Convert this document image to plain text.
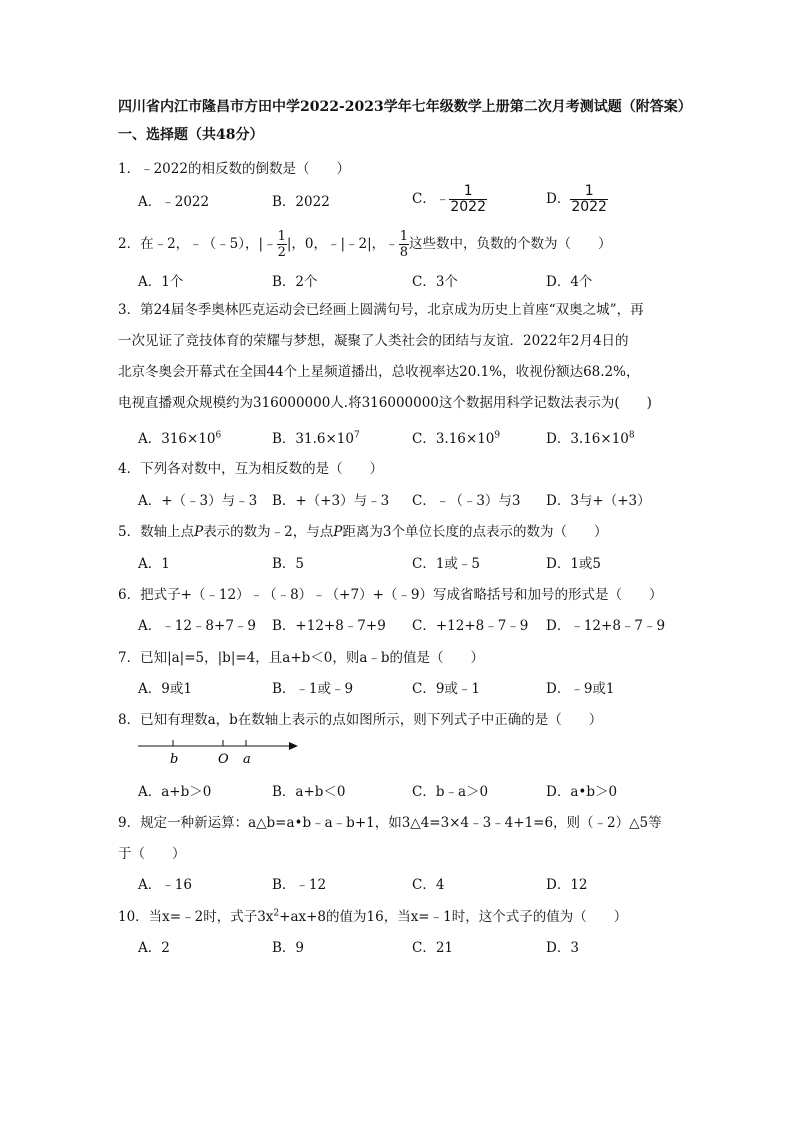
四川省内江市隆昌市方田中学2022-2023学年七年级数学上册第二次月考测试题（附答案）
一、选择题（共48分）
1．﹣2022的相反数的倒数是（　　）
A．﹣2022	B．2022	C．﹣ $\frac{1}{2022}$	D． $\frac{1}{2022}$
2．在﹣2，﹣（﹣5），|﹣ $\frac{1}{2}$ |，0，﹣|﹣2|，﹣ $\frac{1}{8}$ 这些数中，负数的个数为（　　）
A．1个	B．2个	C．3个	D．4个
3．第24届冬季奥林匹克运动会已经画上圆满句号，北京成为历史上首座“双奥之城”，再
一次见证了竞技体育的荣耀与梦想，凝聚了人类社会的团结与友谊．2022年2月4日的
北京冬奥会开幕式在全国44个上星频道播出，总收视率达20.1%，收视份额达68.2%，
电视直播观众规模约为316000000人.将316000000这个数据用科学记数法表示为(　　)
A．$316\times 10^6$	B．$31.6\times 10^7$	C．$3.16\times 10^9$	D．$3.16\times 10^8$
4．下列各对数中，互为相反数的是（　　）
A．+（﹣3）与﹣3 B．+（+3）与﹣3 C．﹣（﹣3）与3 D．3与+（+3）
5．数轴上点P表示的数为﹣2，与点P距离为3个单位长度的点表示的数为（　　）
A．1	B．5	C．1或﹣5	D．1或5
6．把式子+（﹣12）﹣（﹣8）﹣（+7）+（﹣9）写成省略括号和加号的形式是（　　）
A．﹣12﹣8+7﹣9 B．+12+8﹣7+9 C．+12+8﹣7﹣9 D．﹣12+8﹣7﹣9
7．已知|a|=5，|b|=4，且a+b＜0，则a﹣b的值是（　　）
A．9或1	B．﹣1或﹣9	C．9或﹣1	D．﹣9或1
8．已知有理数a，b在数轴上表示的点如图所示，则下列式子中正确的是（　　）
b	O a
A．a+b＞0	B．a+b＜0	C．b﹣a＞0	D．a•b＞0
9．规定一种新运算：a△b=a•b﹣a﹣b+1，如3△4=3×4﹣3﹣4+1=6，则（﹣2）△5等
于（　　）
A．﹣16	B．﹣12	C．4	D．12
10．当x=﹣2时，式子$3x^2+ax+8$的值为16，当x=﹣1时，这个式子的值为（　　）
A．2	B．9	C．21	D．3
